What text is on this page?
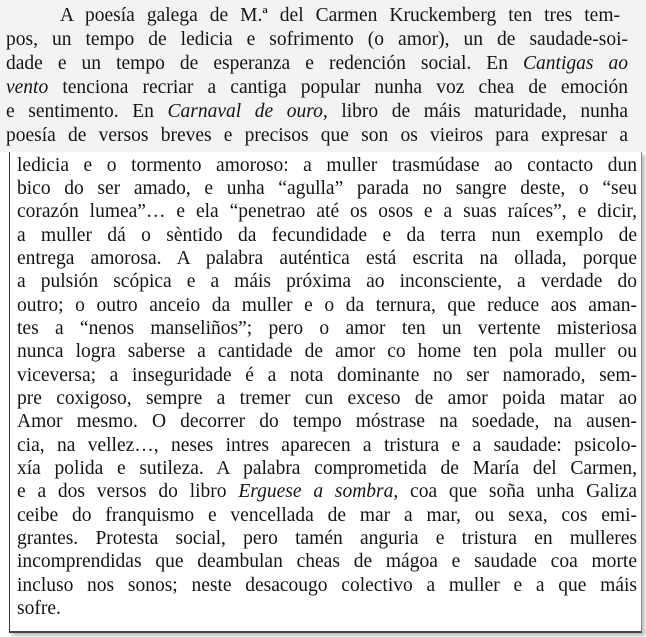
A poesía galega de M.ª del Carmen Kruckemberg ten tres tem-
pos, un tempo de ledicia e sofrimento (o amor), un de saudade-soi-
dade e un tempo de esperanza e redención social. En Cantigas ao
vento tenciona recriar a cantiga popular nunha voz chea de emoción
e sentimento. En Carnaval de ouro, libro de máis maturidade, nunha
poesía de versos breves e precisos que son os vieiros para expresar a
ledicia e o tormento amoroso: a muller trasmúdase ao contacto dun
bico do ser amado, e unha “agulla” parada no sangre deste, o “seu
corazón lumea”… e ela “penetrao até os osos e a suas raíces”, e dicir,
a muller dá o sèntido da fecundidade e da terra nun exemplo de
entrega amorosa. A palabra auténtica está escrita na ollada, porque
a pulsión scópica e a máis próxima ao inconsciente, a verdade do
outro; o outro anceio da muller e o da ternura, que reduce aos aman-
tes a “nenos manseliños”; pero o amor ten un vertente misteriosa
nunca logra saberse a cantidade de amor co home ten pola muller ou
viceversa; a inseguridade é a nota dominante no ser namorado, sem-
pre coxigoso, sempre a tremer cun exceso de amor poida matar ao
Amor mesmo. O decorrer do tempo móstrase na soedade, na ausen-
cia, na vellez…, neses intres aparecen a tristura e a saudade: psicolo-
xía polida e sutileza. A palabra comprometida de María del Carmen,
e a dos versos do libro Erguese a sombra, coa que soña unha Galiza
ceibe do franquismo e vencellada de mar a mar, ou sexa, cos emi-
grantes. Protesta social, pero tamén anguria e tristura en mulleres
incomprendidas que deambulan cheas de mágoa e saudade coa morte
incluso nos sonos; neste desacougo colectivo a muller e a que máis
sofre.
